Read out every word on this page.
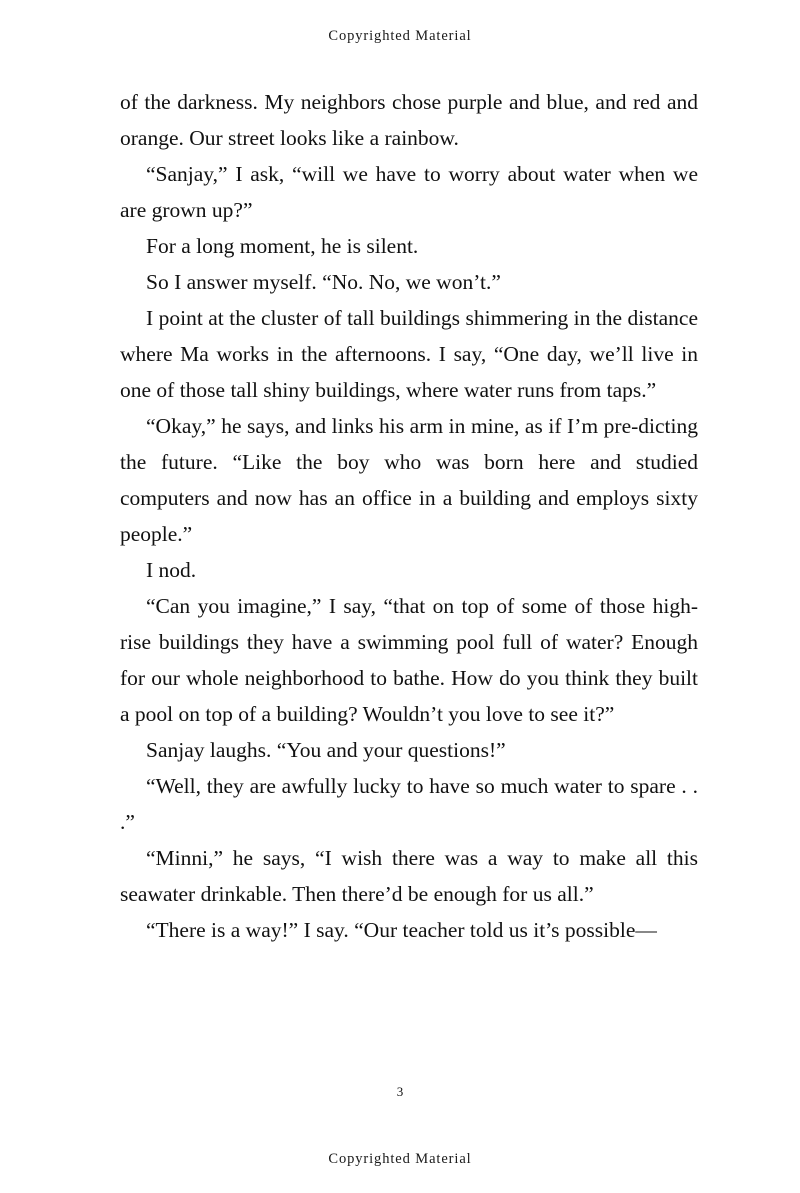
Copyrighted Material

of the darkness. My neighbors chose purple and blue, and red and orange. Our street looks like a rainbow.

“Sanjay,” I ask, “will we have to worry about water when we are grown up?”

For a long moment, he is silent.

So I answer myself. “No. No, we won’t.”

I point at the cluster of tall buildings shimmering in the distance where Ma works in the afternoons. I say, “One day, we’ll live in one of those tall shiny buildings, where water runs from taps.”

“Okay,” he says, and links his arm in mine, as if I’m pre-dicting the future. “Like the boy who was born here and studied computers and now has an office in a building and employs sixty people.”

I nod.

“Can you imagine,” I say, “that on top of some of those high-rise buildings they have a swimming pool full of water? Enough for our whole neighborhood to bathe. How do you think they built a pool on top of a building? Wouldn’t you love to see it?”

Sanjay laughs. “You and your questions!”

“Well, they are awfully lucky to have so much water to spare . . .”

“Minni,” he says, “I wish there was a way to make all this seawater drinkable. Then there’d be enough for us all.”

“There is a way!” I say. “Our teacher told us it’s possible—

3
Copyrighted Material
